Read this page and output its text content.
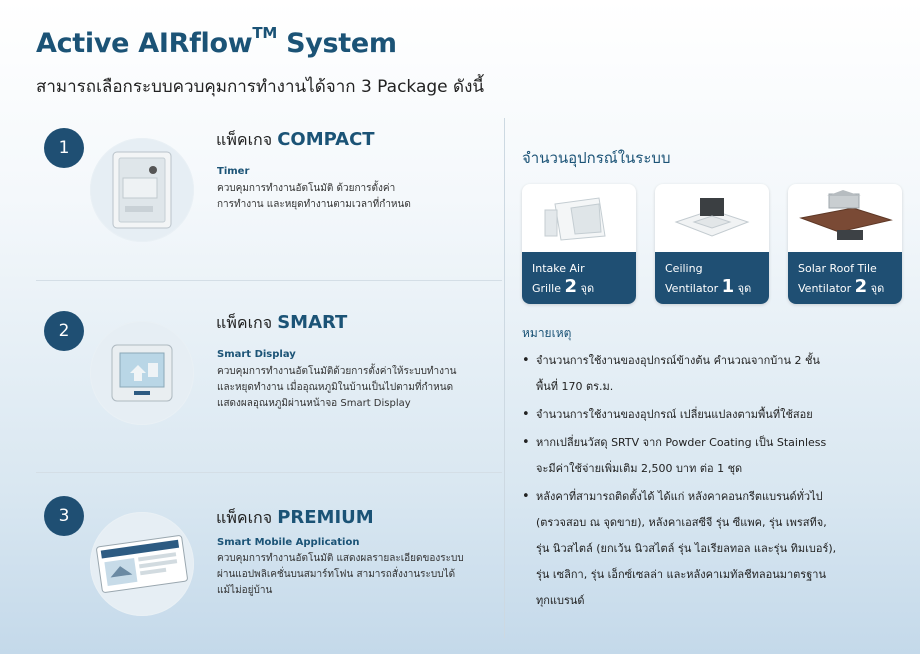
Active AIRflow™ System
สามารถเลือกระบบควบคุมการทำงานได้จาก 3 Package ดังนี้
1	แพ็คเกจ COMPACT
Timer
ควบคุมการทำงานอัตโนมัติ ด้วยการตั้งค่า
การทำงาน และหยุดทำงานตามเวลาที่กำหนด
2	แพ็คเกจ SMART
Smart Display
ควบคุมการทำงานอัตโนมัติด้วยการตั้งค่าให้ระบบทำงาน
และหยุดทำงาน เมื่ออุณหภูมิในบ้านเป็นไปตามที่กำหนด
แสดงผลอุณหภูมิผ่านหน้าจอ Smart Display
3	แพ็คเกจ PREMIUM
Smart Mobile Application
ควบคุมการทำงานอัตโนมัติ แสดงผลรายละเอียดของระบบ
ผ่านแอปพลิเคชั่นบนสมาร์ทโฟน สามารถสั่งงานระบบได้
แม้ไม่อยู่บ้าน
จำนวนอุปกรณ์ในระบบ
Intake Air
Grille 2 จุด
Ceiling
Ventilator 1 จุด
Solar Roof Tile
Ventilator 2 จุด
หมายเหตุ
• จำนวนการใช้งานของอุปกรณ์ข้างต้น คำนวณจากบ้าน 2 ชั้น
พื้นที่ 170 ตร.ม.
• จำนวนการใช้งานของอุปกรณ์ เปลี่ยนแปลงตามพื้นที่ใช้สอย
• หากเปลี่ยนวัสดุ SRTV จาก Powder Coating เป็น Stainless
จะมีค่าใช้จ่ายเพิ่มเติม 2,500 บาท ต่อ 1 ชุด
• หลังคาที่สามารถติดตั้งได้ ได้แก่ หลังคาคอนกรีตแบรนด์ทั่วไป
(ตรวจสอบ ณ จุดขาย), หลังคาเอสซีจี รุ่น ซีแพค, รุ่น เพรสทีจ,
รุ่น นิวสไตล์ (ยกเว้น นิวสไตล์ รุ่น ไอเรียลทอล และรุ่น ทิมเบอร์),
รุ่น เซลิกา, รุ่น เอ็กซ์เซลล่า และหลังคาเมทัลชีทลอนมาตรฐาน
ทุกแบรนด์
